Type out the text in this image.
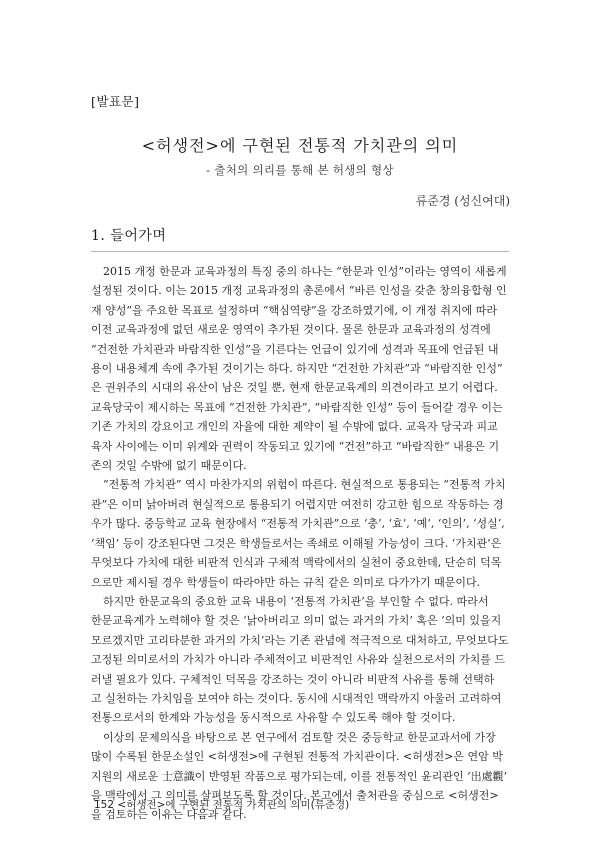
[발표문]
<허생전>에 구현된 전통적 가치관의 의미
- 출처의 의리를 통해 본 허생의 형상
류준경 (성신여대)
1. 들어가며

2015 개정 한문과 교육과정의 특징 중의 하나는 “한문과 인성”이라는 영역이 새롭게
설정된 것이다. 이는 2015 개정 교육과정의 총론에서 “바른 인성을 갖춘 창의융합형 인
재 양성”을 주요한 목표로 설정하며 “핵심역량”을 강조하였기에, 이 개정 취지에 따라
이전 교육과정에 없던 새로운 영역이 추가된 것이다. 물론 한문과 교육과정의 성격에
“건전한 가치관과 바람직한 인성”을 기른다는 언급이 있기에 성격과 목표에 언급된 내
용이 내용체계 속에 추가된 것이기는 하다. 하지만 “건전한 가치관”과 “바람직한 인성”
은 권위주의 시대의 유산이 남은 것일 뿐, 현재 한문교육계의 의견이라고 보기 어렵다.
교육당국이 제시하는 목표에 “건전한 가치관”, “바람직한 인성” 등이 들어갈 경우 이는
기존 가치의 강요이고 개인의 자율에 대한 제약이 될 수밖에 없다. 교육자 당국과 피교
육자 사이에는 이미 위계와 권력이 작동되고 있기에 “건전”하고 “바람직한” 내용은 기
존의 것일 수밖에 없기 때문이다.

“전통적 가치관” 역시 마찬가지의 위험이 따른다. 현실적으로 통용되는 “전통적 가치
관”은 이미 낡아버려 현실적으로 통용되기 어렵지만 여전히 강고한 힘으로 작동하는 경
우가 많다. 중등학교 교육 현장에서 “전통적 가치관”으로 ‘충’, ‘효’, ‘예’, ‘인의’, ‘성실’,
‘책임’ 등이 강조된다면 그것은 학생들로서는 족쇄로 이해될 가능성이 크다. ‘가치관’은
무엇보다 가치에 대한 비판적 인식과 구체적 맥락에서의 실천이 중요한데, 단순히 덕목
으로만 제시될 경우 학생들이 따라야만 하는 규칙 같은 의미로 다가가기 때문이다.

하지만 한문교육의 중요한 교육 내용이 ‘전통적 가치관’을 부인할 수 없다. 따라서
한문교육계가 노력해야 할 것은 ‘낡아버리고 의미 없는 과거의 가치’ 혹은 ‘의미 있을지
모르겠지만 고리타분한 과거의 가치’라는 기존 관념에 적극적으로 대처하고, 무엇보다도
고정된 의미로서의 가치가 아니라 주체적이고 비판적인 사유와 실천으로서의 가치를 드
러낼 필요가 있다. 구체적인 덕목을 강조하는 것이 아니라 비판적 사유를 통해 선택하
고 실천하는 가치임을 보여야 하는 것이다. 동시에 시대적인 맥락까지 아울러 고려하여
전통으로서의 한계와 가능성을 동시적으로 사유할 수 있도록 해야 할 것이다.

이상의 문제의식을 바탕으로 본 연구에서 검토할 것은 중등학교 한문교과서에 가장
많이 수록된 한문소설인 <허생전>에 구현된 전통적 가치관이다. <허생전>은 연암 박
지원의 새로운 士意識이 반영된 작품으로 평가되는데, 이를 전통적인 윤리관인 ‘出處觀’
을 맥락에서 그 의미를 살펴보도록 할 것이다. 본고에서 출처관을 중심으로 <허생전>
을 검토하는 이유는 다음과 같다.

152 <허생전>에 구현된 전통적 가치관의 의미(류준경)
